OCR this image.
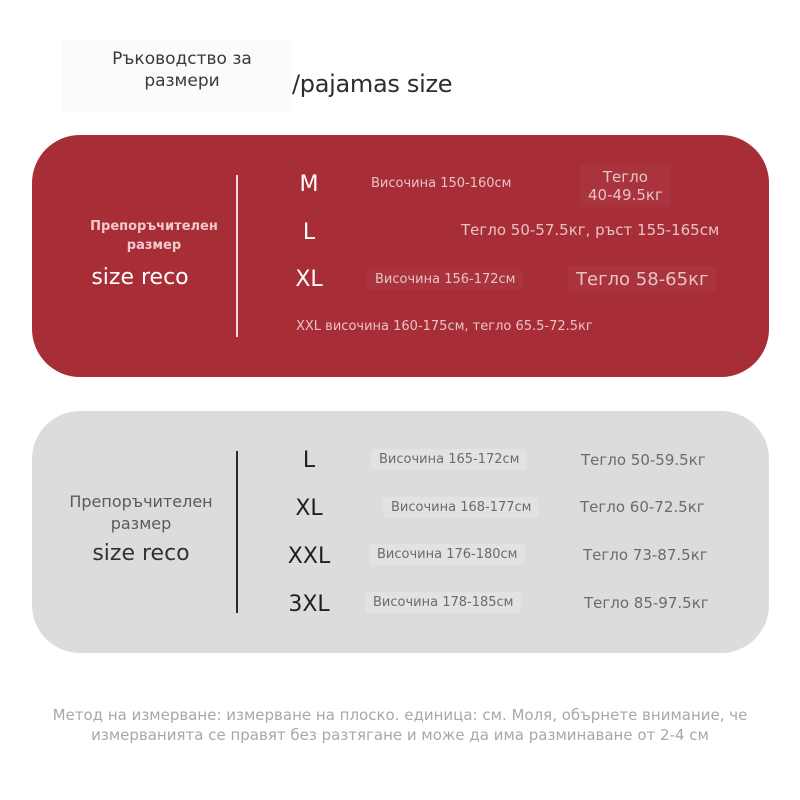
Ръководство за
размери	/pajamas size
Препоръчителен
размер
size reco
M	Височина 150-160см	Тегло
40-49.5кг
L	Тегло 50-57.5кг, ръст 155-165см
XL	Височина 156-172см	Тегло 58-65кг
XXL височина 160-175см, тегло 65.5-72.5кг
Препоръчителен
размер
size reco
L	Височина 165-172см	Тегло 50-59.5кг
XL	Височина 168-177см	Тегло 60-72.5кг
XXL	Височина 176-180см	Тегло 73-87.5кг
3XL	Височина 178-185см	Тегло 85-97.5кг
Метод на измерване: измерване на плоско. единица: см. Моля, обърнете внимание, че
измерванията се правят без разтягане и може да има разминаване от 2-4 см
